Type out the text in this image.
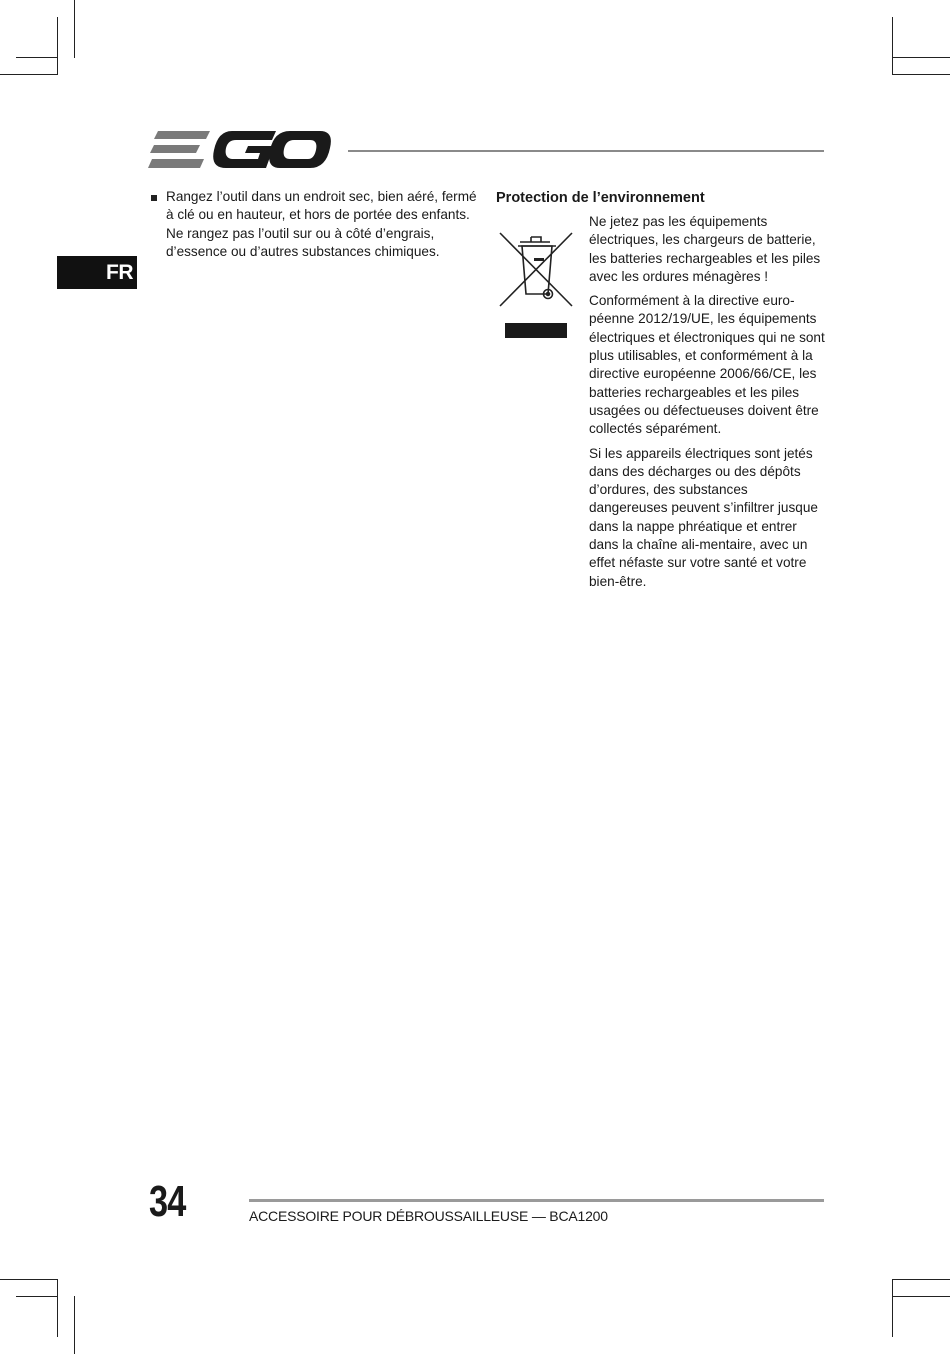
FR
Rangez l’outil dans un endroit sec, bien aéré, fermé à clé ou en hauteur, et hors de portée des enfants. Ne rangez pas l’outil sur ou à côté d’engrais, d’essence ou d’autres substances chimiques.
Protection de l’environnement

Ne jetez pas les équipements électriques, les chargeurs de batterie, les batteries rechargeables et les piles avec les ordures ménagères !

Conformément à la directive euro-péenne 2012/19/UE, les équipements électriques et électroniques qui ne sont plus utilisables, et conformément à la directive européenne 2006/66/CE, les batteries rechargeables et les piles usagées ou défectueuses doivent être collectés séparément.

Si les appareils électriques sont jetés dans des décharges ou des dépôts d’ordures, des substances dangereuses peuvent s’infiltrer jusque dans la nappe phréatique et entrer dans la chaîne ali-mentaire, avec un effet néfaste sur votre santé et votre bien-être.

34	ACCESSOIRE POUR DÉBROUSSAILLEUSE — BCA1200
